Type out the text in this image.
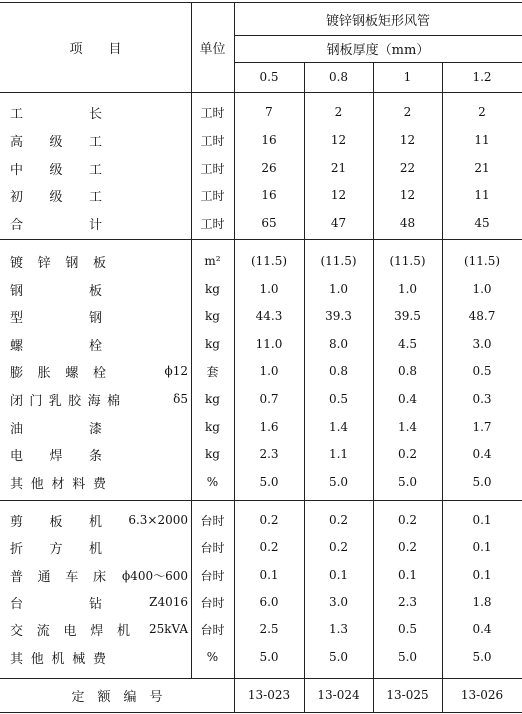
项　　目	单位
镀锌钢板矩形风管
钢板厚度（mm）
0.5	0.8	1	1.2
工	长	工时	7	2	2	2
高 级 工	工时	16	12	12	11
中 级 工	工时	26	21	22	21
初 级 工	工时	16	12	12	11
合	计	工时	65	47	48	45
镀 锌 钢 板	m²	(11.5)	(11.5)	(11.5)	(11.5)
钢	板	kg	1.0	1.0	1.0	1.0
型	钢	kg	44.3	39.3	39.5	48.7
螺	栓	kg	11.0	8.0	4.5	3.0
膨 胀 螺 栓	ϕ12	套	1.0	0.8	0.8	0.5
闭 门 乳 胶 海 棉	δ5	kg	0.7	0.5	0.4	0.3
油	漆	kg	1.6	1.4	1.4	1.7
电 焊 条	kg	2.3	1.1	0.2	0.4
其 他 材 料 费	%	5.0	5.0	5.0	5.0
剪 板 机 6.3×2000	台时	0.2	0.2	0.2	0.1
折 方 机	台时	0.2	0.2	0.2	0.1
普 通 车 床 ϕ400～600	台时	0.1	0.1	0.1	0.1
台	钻	Z4016	台时	6.0	3.0	2.3	1.8
交 流 电 焊 机 25kVA	台时	2.5	1.3	0.5	0.4
其 他 机 械 费	%	5.0	5.0	5.0	5.0
定　额　编　号	13-023	13-024	13-025	13-026
